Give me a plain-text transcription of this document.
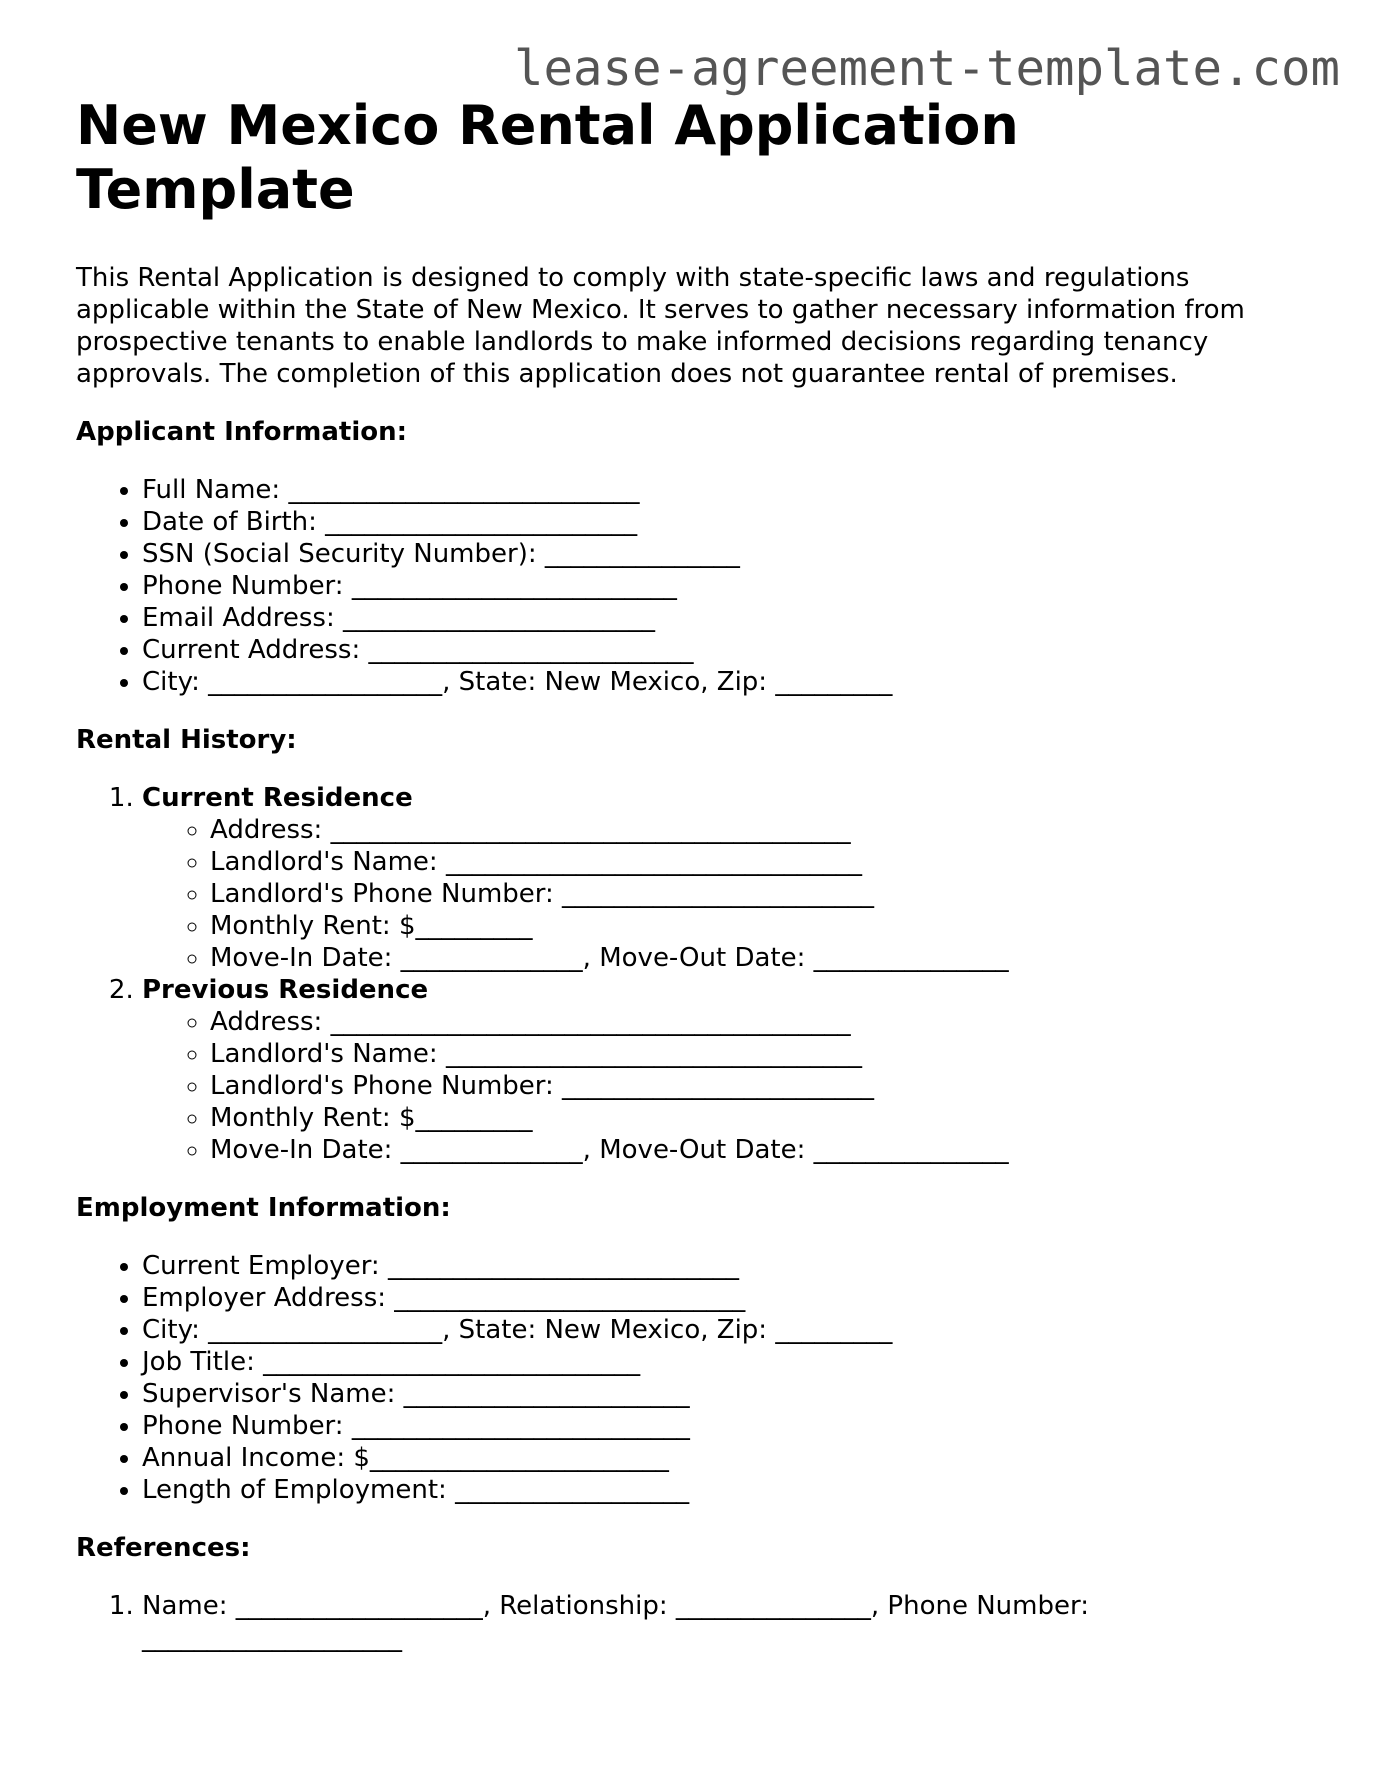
lease-agreement-template.com
New Mexico Rental Application Template

This Rental Application is designed to comply with state-specific laws and regulations applicable within the State of New Mexico. It serves to gather necessary information from prospective tenants to enable landlords to make informed decisions regarding tenancy approvals. The completion of this application does not guarantee rental of premises.

Applicant Information:
• Full Name: ___________________________
• Date of Birth: ________________________
• SSN (Social Security Number): _______________
• Phone Number: _________________________
• Email Address: ________________________
• Current Address: _________________________
• City: __________________, State: New Mexico, Zip: _________
Rental History:
1. Current Residence
◦ Address: ________________________________________
◦ Landlord's Name: ________________________________
◦ Landlord's Phone Number: ________________________
◦ Monthly Rent: $_________
◦ Move-In Date: ______________, Move-Out Date: _______________
2. Previous Residence
◦ Address: ________________________________________
◦ Landlord's Name: ________________________________
◦ Landlord's Phone Number: ________________________
◦ Monthly Rent: $_________
◦ Move-In Date: ______________, Move-Out Date: _______________
Employment Information:
• Current Employer: ___________________________
• Employer Address: ___________________________
• City: __________________, State: New Mexico, Zip: _________
• Job Title: _____________________________
• Supervisor's Name: ______________________
• Phone Number: __________________________
• Annual Income: $_______________________
• Length of Employment: __________________
References:
1. Name: ___________________, Relationship: _______________, Phone Number: ____________________
